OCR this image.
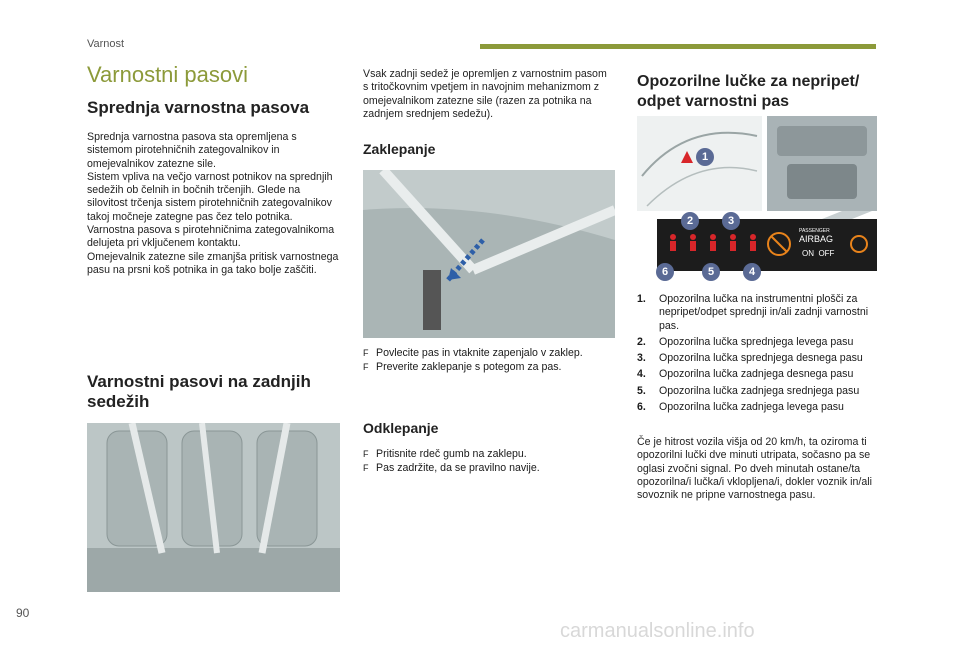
Varnost
Varnostni pasovi
Sprednja varnostna pasova
Sprednja varnostna pasova sta opremljena s sistemom pirotehničnih zategovalnikov in omejevalnikov zatezne sile.
Sistem vpliva na večjo varnost potnikov na sprednjih sedežih ob čelnih in bočnih trčenjih. Glede na silovitost trčenja sistem pirotehničnih zategovalnikov takoj močneje zategne pas čez telo potnika.
Varnostna pasova s pirotehničnima zategovalnikoma delujeta pri vključenem kontaktu.
Omejevalnik zatezne sile zmanjša pritisk varnostnega pasu na prsni koš potnika in ga tako bolje zaščiti.
Varnostni pasovi na zadnjih sedežih
Vsak zadnji sedež je opremljen z varnostnim pasom s tritočkovnim vpetjem in navojnim mehanizmom z omejevalnikom zatezne sile (razen za potnika na zadnjem srednjem sedežu).
Zaklepanje
F Povlecite pas in vtaknite zapenjalo v zaklep.
F Preverite zaklepanje s potegom za pas.
Odklepanje
F Pritisnite rdeč gumb na zaklepu.
F Pas zadržite, da se pravilno navije.
Opozorilne lučke za nepripet/ odpet varnostni pas
PASSENGER
AIRBAG
ON  OFF
1
2	3
4
5
6
1. Opozorilna lučka na instrumentni plošči za nepripet/odpet sprednji in/ali zadnji varnostni pas.
2. Opozorilna lučka sprednjega levega pasu
3. Opozorilna lučka sprednjega desnega pasu
4. Opozorilna lučka zadnjega desnega pasu
5. Opozorilna lučka zadnjega srednjega pasu
6. Opozorilna lučka zadnjega levega pasu
Če je hitrost vozila višja od 20 km/h, ta oziroma ti opozorilni lučki dve minuti utripata, sočasno pa se oglasi zvočni signal. Po dveh minutah ostane/ta opozorilna/i lučka/i vklopljena/i, dokler voznik in/ali sovoznik ne pripne varnostnega pasu.
90
carmanualsonline.info
